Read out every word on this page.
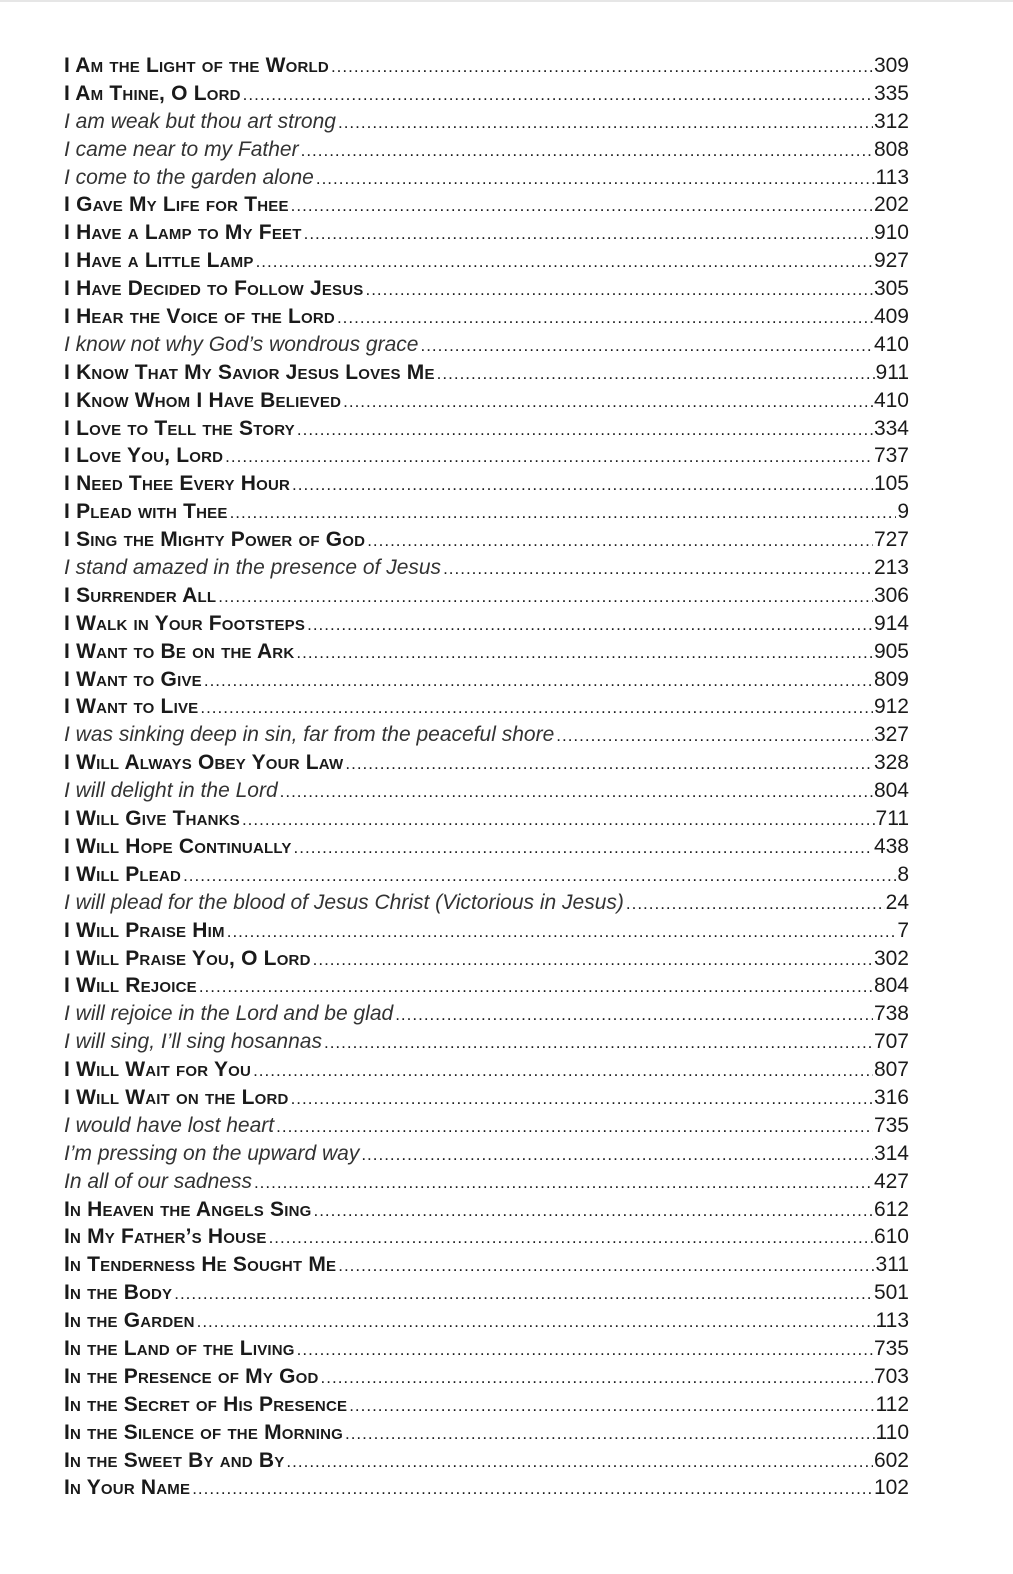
I Am the Light of the World .....	309
I Am Thine, O Lord .....	335
I am weak but thou art strong .....	312
I came near to my Father .....	808
I come to the garden alone .....	113
I Gave My Life for Thee .....	202
I Have a Lamp to My Feet .....	910
I Have a Little Lamp .....	927
I Have Decided to Follow Jesus .....	305
I Hear the Voice of the Lord .....	409
I know not why God’s wondrous grace .....	410
I Know That My Savior Jesus Loves Me .....	911
I Know Whom I Have Believed .....	410
I Love to Tell the Story .....	334
I Love You, Lord .....	737
I Need Thee Every Hour .....	105
I Plead with Thee .....	9
I Sing the Mighty Power of God .....	727
I stand amazed in the presence of Jesus .....	213
I Surrender All .....	306
I Walk in Your Footsteps .....	914
I Want to Be on the Ark .....	905
I Want to Give .....	809
I Want to Live .....	912
I was sinking deep in sin, far from the peaceful shore .....	327
I Will Always Obey Your Law .....	328
I will delight in the Lord .....	804
I Will Give Thanks .....	711
I Will Hope Continually .....	438
I Will Plead .....	8
I will plead for the blood of Jesus Christ (Victorious in Jesus) .....	24
I Will Praise Him .....	7
I Will Praise You, O Lord .....	302
I Will Rejoice .....	804
I will rejoice in the Lord and be glad .....	738
I will sing, I’ll sing hosannas .....	707
I Will Wait for You .....	807
I Will Wait on the Lord .....	316
I would have lost heart .....	735
I’m pressing on the upward way .....	314
In all of our sadness .....	427
In Heaven the Angels Sing .....	612
In My Father’s House .....	610
In Tenderness He Sought Me .....	311
In the Body .....	501
In the Garden .....	113
In the Land of the Living .....	735
In the Presence of My God .....	703
In the Secret of His Presence .....	112
In the Silence of the Morning .....	110
In the Sweet By and By .....	602
In Your Name .....	102
